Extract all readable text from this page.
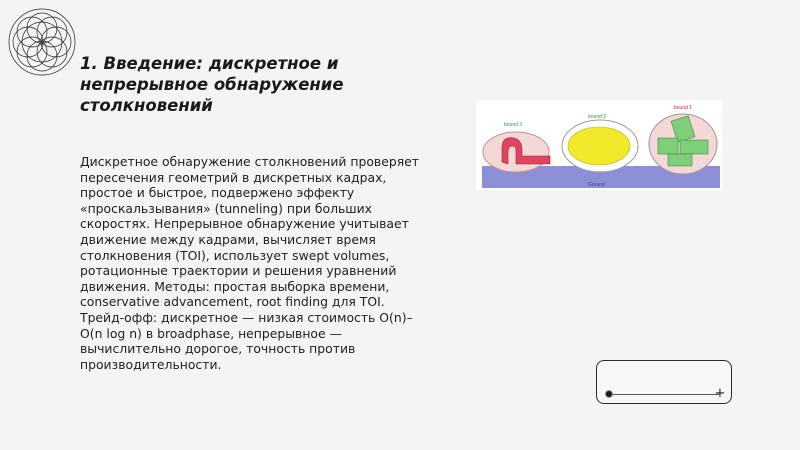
1. Введение: дискретное и непрерывное обнаружение столкновений

Дискретное обнаружение столкновений проверяет пересечения геометрий в дискретных кадрах, простое и быстрое, подвержено эффекту «проскальзывания» (tunneling) при больших скоростях. Непрерывное обнаружение учитывает движение между кадрами, вычисляет время столкновения (TOI), использует swept volumes, ротационные траектории и решения уравнений движения. Методы: простая выборка времени, conservative advancement, root finding для TOI. Трейд-офф: дискретное — низкая стоимость O(n)–O(n log n) в broadphase, непрерывное — вычислительно дорогое, точность против производительности.

Ground
bound 3
bound 2
bound 1
+
